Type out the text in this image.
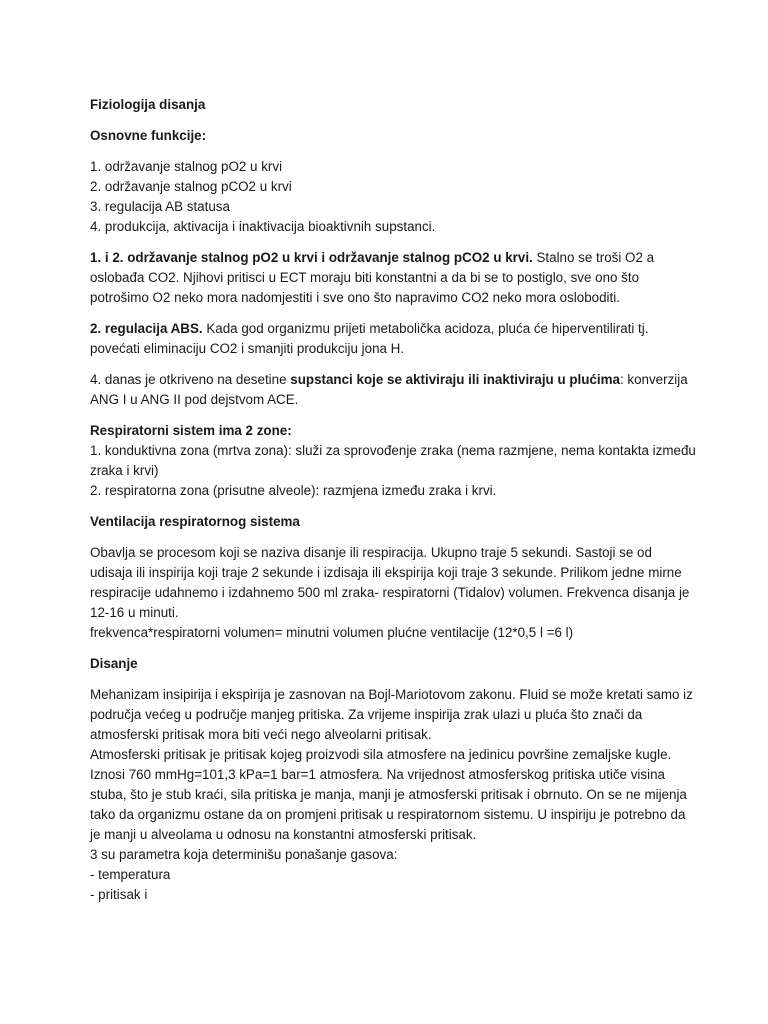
Fiziologija disanja

Osnovne funkcije:

1. održavanje stalnog pO2 u krvi
2. održavanje stalnog pCO2 u krvi
3. regulacija AB statusa
4. produkcija, aktivacija i inaktivacija bioaktivnih supstanci.

1. i 2. održavanje stalnog pO2 u krvi i održavanje stalnog pCO2 u krvi. Stalno se troši O2 a oslobađa CO2. Njihovi pritisci u ECT moraju biti konstantni a da bi se to postiglo, sve ono što potrošimo O2 neko mora nadomjestiti i sve ono što napravimo CO2 neko mora osloboditi.

2. regulacija ABS. Kada god organizmu prijeti metabolička acidoza, pluća će hiperventilirati tj. povećati eliminaciju CO2 i smanjiti produkciju jona H.

4. danas je otkriveno na desetine supstanci koje se aktiviraju ili inaktiviraju u plućima: konverzija ANG I u ANG II pod dejstvom ACE.

Respiratorni sistem ima 2 zone:
1. konduktivna zona (mrtva zona): služi za sprovođenje zraka (nema razmjene, nema kontakta između zraka i krvi)
2. respiratorna zona (prisutne alveole): razmjena između zraka i krvi.

Ventilacija respiratornog sistema

Obavlja se procesom koji se naziva disanje ili respiracija. Ukupno traje 5 sekundi. Sastoji se od udisaja ili inspirija koji traje 2 sekunde i izdisaja ili ekspirija koji traje 3 sekunde. Prilikom jedne mirne respiracije udahnemo i izdahnemo 500 ml zraka- respiratorni (Tidalov) volumen. Frekvenca disanja je 12-16 u minuti.
frekvenca*respiratorni volumen= minutni volumen plućne ventilacije (12*0,5 l =6 l)

Disanje

Mehanizam insipirija i ekspirija je zasnovan na Bojl-Mariotovom zakonu. Fluid se može kretati samo iz područja većeg u područje manjeg pritiska. Za vrijeme inspirija zrak ulazi u pluća što znači da atmosferski pritisak mora biti veći nego alveolarni pritisak.
Atmosferski pritisak je pritisak kojeg proizvodi sila atmosfere na jedinicu površine zemaljske kugle. Iznosi 760 mmHg=101,3 kPa=1 bar=1 atmosfera. Na vrijednost atmosferskog pritiska utiče visina stuba, što je stub kraći, sila pritiska je manja, manji je atmosferski pritisak i obrnuto. On se ne mijenja tako da organizmu ostane da on promjeni pritisak u respiratornom sistemu. U inspiriju je potrebno da je manji u alveolama u odnosu na konstantni atmosferski pritisak.
3 su parametra koja determinišu ponašanje gasova:
- temperatura
- pritisak i
